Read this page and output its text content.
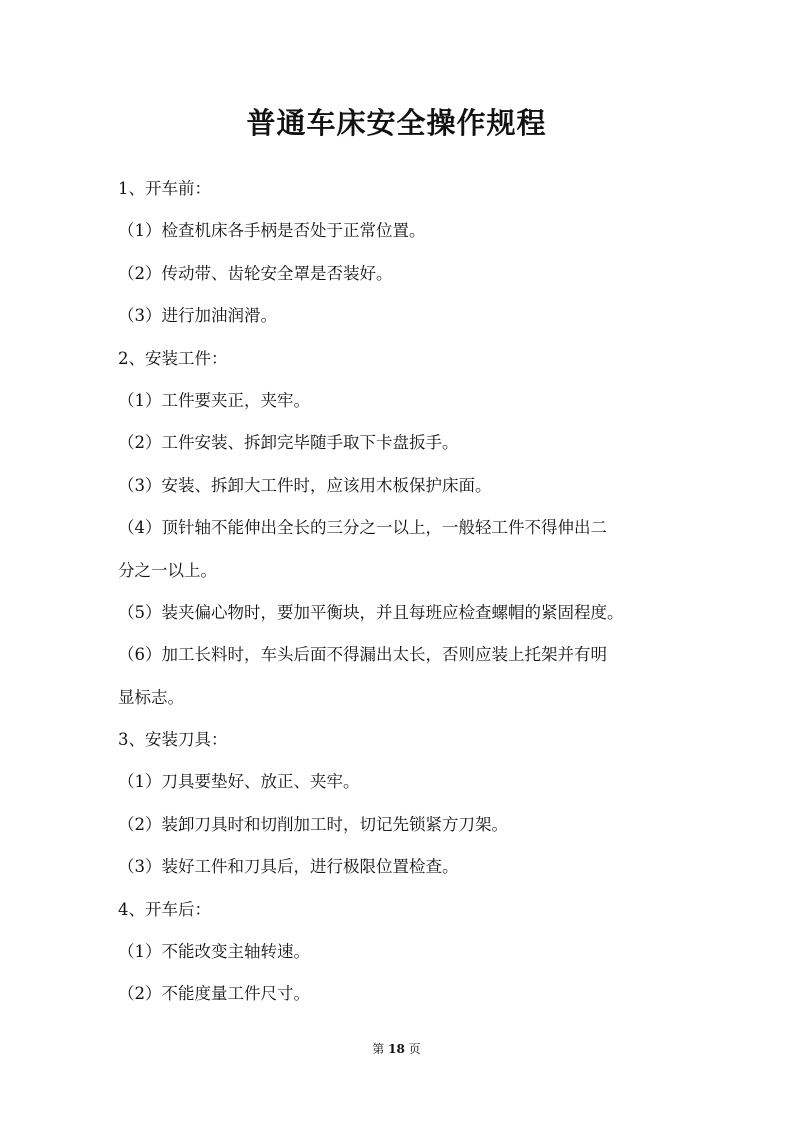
普通车床安全操作规程

1、开车前：

（1）检查机床各手柄是否处于正常位置。

（2）传动带、齿轮安全罩是否装好。

（3）进行加油润滑。

2、安装工件：

（1）工件要夹正，夹牢。

（2）工件安装、拆卸完毕随手取下卡盘扳手。

（3）安装、拆卸大工件时，应该用木板保护床面。

（4）顶针轴不能伸出全长的三分之一以上，一般轻工件不得伸出二

分之一以上。

（5）装夹偏心物时，要加平衡块，并且每班应检查螺帽的紧固程度。

（6）加工长料时，车头后面不得漏出太长，否则应装上托架并有明

显标志。

3、安装刀具：

（1）刀具要垫好、放正、夹牢。

（2）装卸刀具时和切削加工时，切记先锁紧方刀架。

（3）装好工件和刀具后，进行极限位置检查。

4、开车后：

（1）不能改变主轴转速。

（2）不能度量工件尺寸。

第 18 页
